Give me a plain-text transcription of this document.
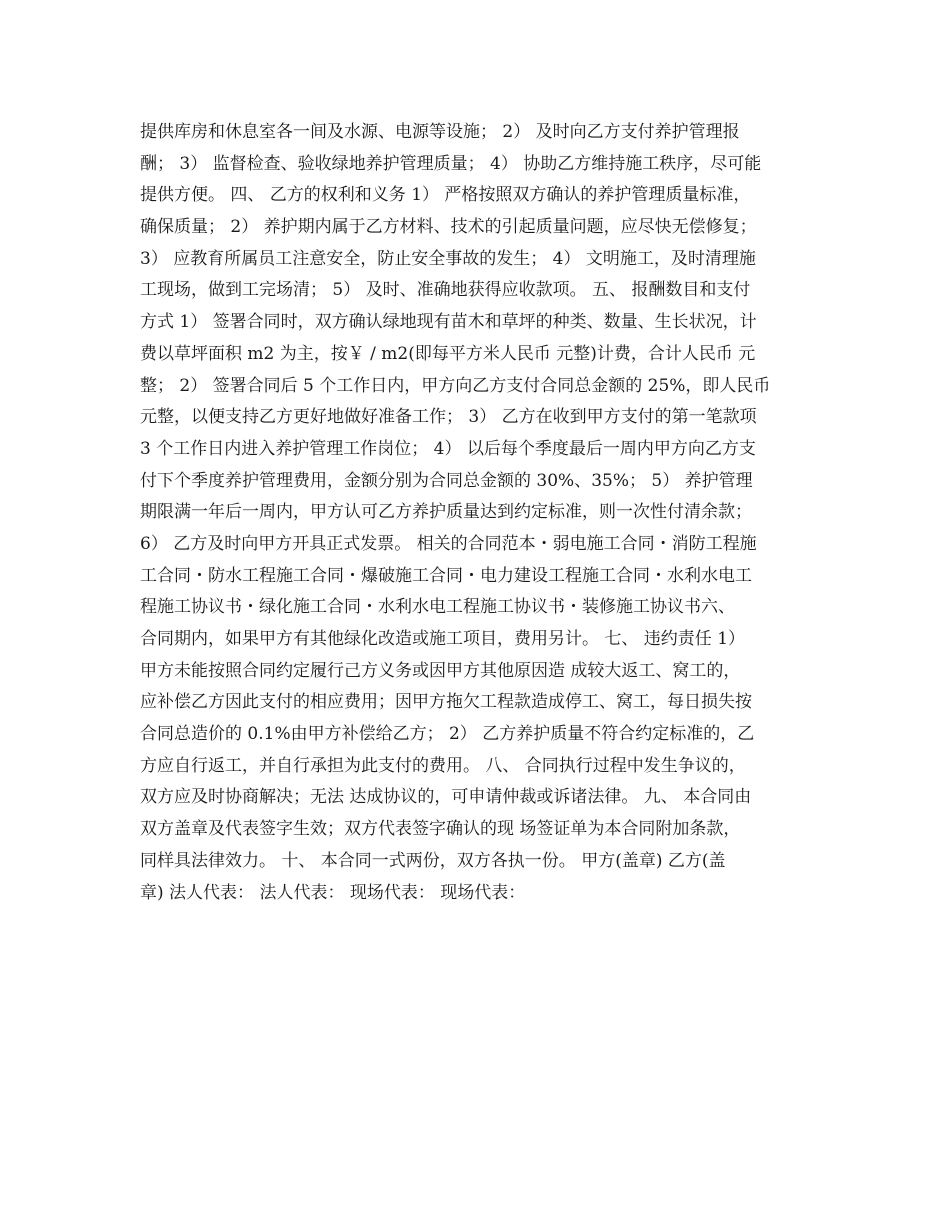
提供库房和休息室各一间及水源、电源等设施； 2） 及时向乙方支付养护管理报
酬； 3） 监督检查、验收绿地养护管理质量； 4） 协助乙方维持施工秩序，尽可能
提供方便。 四、 乙方的权利和义务 1） 严格按照双方确认的养护管理质量标准，
确保质量； 2） 养护期内属于乙方材料、技术的引起质量问题，应尽快无偿修复；
3） 应教育所属员工注意安全，防止安全事故的发生； 4） 文明施工，及时清理施
工现场，做到工完场清； 5） 及时、准确地获得应收款项。 五、 报酬数目和支付
方式 1） 签署合同时，双方确认绿地现有苗木和草坪的种类、数量、生长状况，计
费以草坪面积 m2 为主，按￥ / m2(即每平方米人民币 元整)计费，合计人民币 元
整； 2） 签署合同后 5 个工作日内，甲方向乙方支付合同总金额的 25%，即人民币
元整，以便支持乙方更好地做好准备工作； 3） 乙方在收到甲方支付的第一笔款项
3 个工作日内进入养护管理工作岗位； 4） 以后每个季度最后一周内甲方向乙方支
付下个季度养护管理费用，金额分别为合同总金额的 30%、35%； 5） 养护管理
期限满一年后一周内，甲方认可乙方养护质量达到约定标准，则一次性付清余款；
6） 乙方及时向甲方开具正式发票。 相关的合同范本・弱电施工合同・消防工程施
工合同・防水工程施工合同・爆破施工合同・电力建设工程施工合同・水利水电工
程施工协议书・绿化施工合同・水利水电工程施工协议书・装修施工协议书六、
合同期内，如果甲方有其他绿化改造或施工项目，费用另计。 七、 违约责任 1）
甲方未能按照合同约定履行己方义务或因甲方其他原因造 成较大返工、窝工的，
应补偿乙方因此支付的相应费用；因甲方拖欠工程款造成停工、窝工，每日损失按
合同总造价的 0.1%由甲方补偿给乙方； 2） 乙方养护质量不符合约定标准的，乙
方应自行返工，并自行承担为此支付的费用。 八、 合同执行过程中发生争议的，
双方应及时协商解决；无法 达成协议的，可申请仲裁或诉诸法律。 九、 本合同由
双方盖章及代表签字生效；双方代表签字确认的现 场签证单为本合同附加条款，
同样具法律效力。 十、 本合同一式两份，双方各执一份。 甲方(盖章) 乙方(盖
章) 法人代表： 法人代表： 现场代表： 现场代表：
